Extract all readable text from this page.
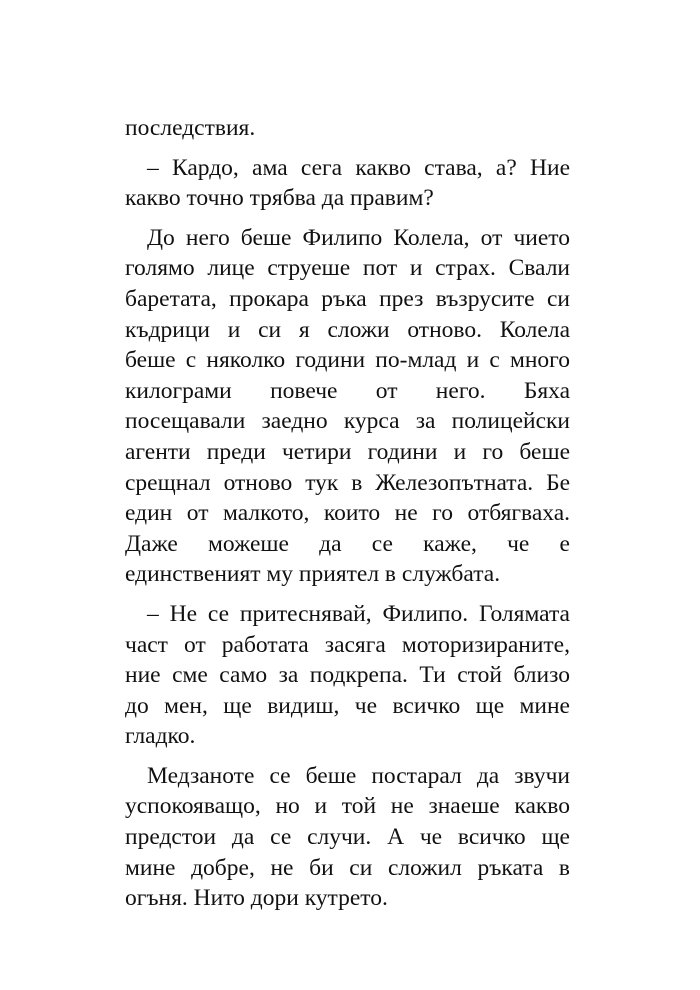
последствия.

– Кардо, ама сега какво става, а? Ние
какво точно трябва да правим?

До него беше Филипо Колела, от чието
голямо лице струеше пот и страх. Свали
баретата, прокара ръка през възрусите си
къдрици и си я сложи отново. Колела
беше с няколко години по-млад и с много
килограми повече от него. Бяха
посещавали заедно курса за полицейски
агенти преди четири години и го беше
срещнал отново тук в Железопътната. Бе
един от малкото, които не го отбягваха.
Даже можеше да се каже, че е
единственият му приятел в службата.

– Не се притеснявай, Филипо. Голямата
част от работата засяга моторизираните,
ние сме само за подкрепа. Ти стой близо
до мен, ще видиш, че всичко ще мине
гладко.

Медзаноте се беше постарал да звучи
успокояващо, но и той не знаеше какво
предстои да се случи. А че всичко ще
мине добре, не би си сложил ръката в
огъня. Нито дори кутрето.
